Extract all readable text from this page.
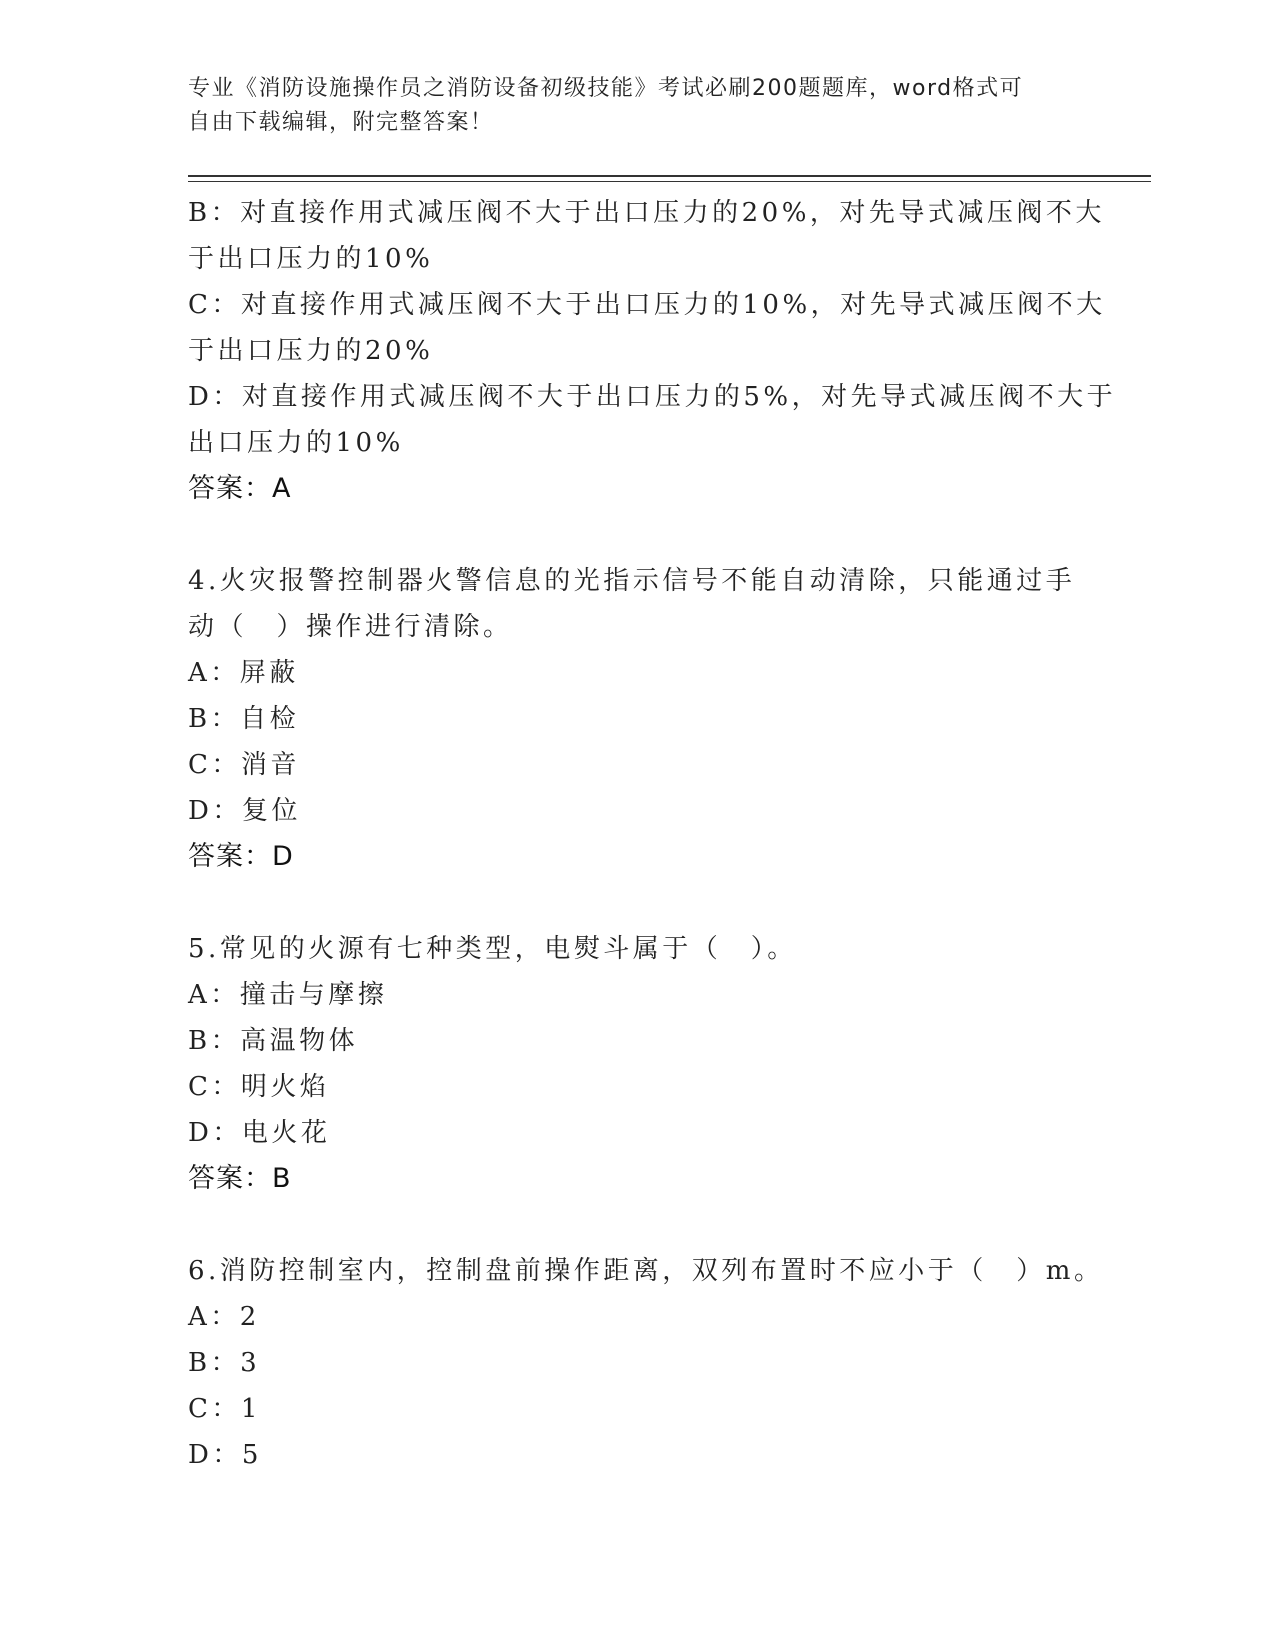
专业《消防设施操作员之消防设备初级技能》考试必刷200题题库，word格式可
自由下载编辑，附完整答案！
B：对直接作用式减压阀不大于出口压力的20%，对先导式减压阀不大
于出口压力的10%
C：对直接作用式减压阀不大于出口压力的10%，对先导式减压阀不大
于出口压力的20%
D：对直接作用式减压阀不大于出口压力的5%，对先导式减压阀不大于
出口压力的10%
答案：A
4.火灾报警控制器火警信息的光指示信号不能自动清除，只能通过手
动（　）操作进行清除。
A：屏蔽
B：自检
C：消音
D：复位
答案：D
5.常见的火源有七种类型，电熨斗属于（　）。
A：撞击与摩擦
B：高温物体
C：明火焰
D：电火花
答案：B
6.消防控制室内，控制盘前操作距离，双列布置时不应小于（　）m。
A：2
B：3
C：1
D：5
